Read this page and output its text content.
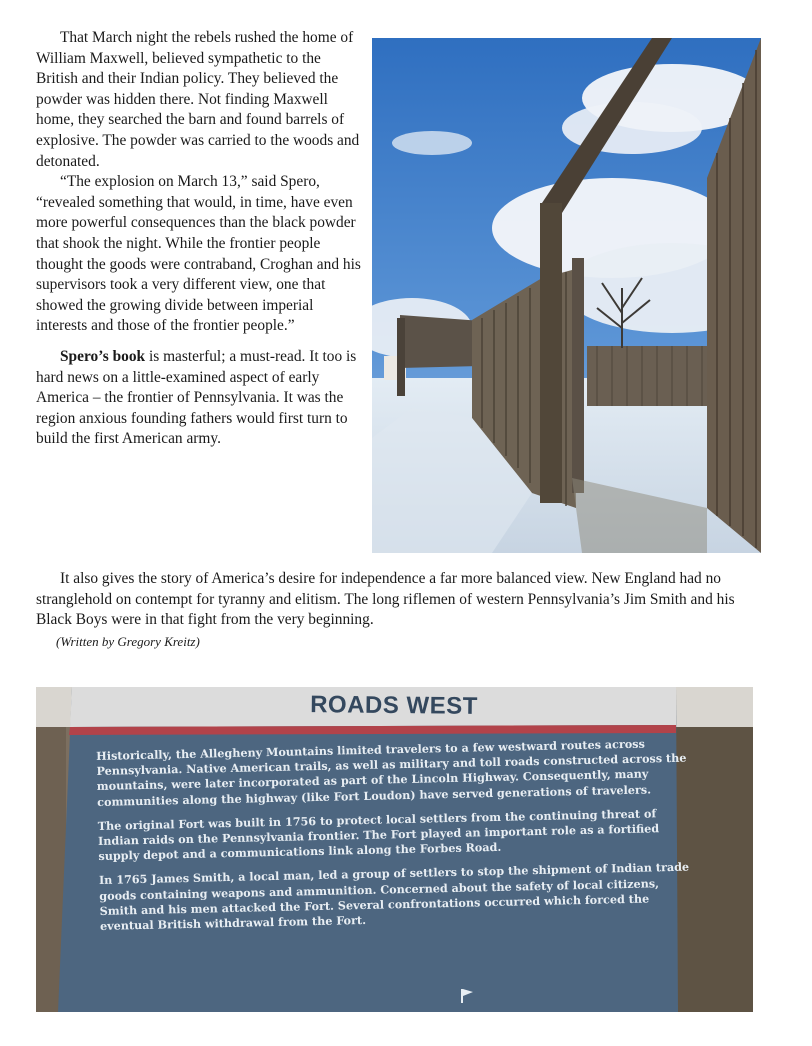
That March night the rebels rushed the home of William Maxwell, believed sympathetic to the British and their Indian policy. They believed the powder was hidden there. Not finding Maxwell home, they searched the barn and found barrels of explosive. The powder was carried to the woods and detonated.

“The explosion on March 13,” said Spero, “revealed something that would, in time, have even more powerful consequences than the black powder that shook the night. While the frontier people thought the goods were contraband, Croghan and his supervisors took a very different view, one that showed the growing divide between imperial interests and those of the frontier people.”

Spero’s book is masterful; a must-read. It too is hard news on a little-examined aspect of early America – the frontier of Pennsylvania. It was the region anxious founding fathers would first turn to build the first American army.

It also gives the story of America’s desire for independence a far more balanced view. New England had no stranglehold on contempt for tyranny and elitism. The long riflemen of western Pennsylvania’s Jim Smith and his Black Boys were in that fight from the very beginning.

(Written by Gregory Kreitz)
ROADS WEST

Historically, the Allegheny Mountains limited travelers to a few westward routes across Pennsylvania. Native American trails, as well as military and toll roads constructed across the mountains, were later incorporated as part of the Lincoln Highway. Consequently, many communities along the highway (like Fort Loudon) have served generations of travelers.

The original Fort was built in 1756 to protect local settlers from the continuing threat of Indian raids on the Pennsylvania frontier. The Fort played an important role as a fortified supply depot and a communications link along the Forbes Road.

In 1765 James Smith, a local man, led a group of settlers to stop the shipment of Indian trade goods containing weapons and ammunition. Concerned about the safety of local citizens, Smith and his men attacked the Fort. Several confrontations occurred which forced the eventual British withdrawal from the Fort.
